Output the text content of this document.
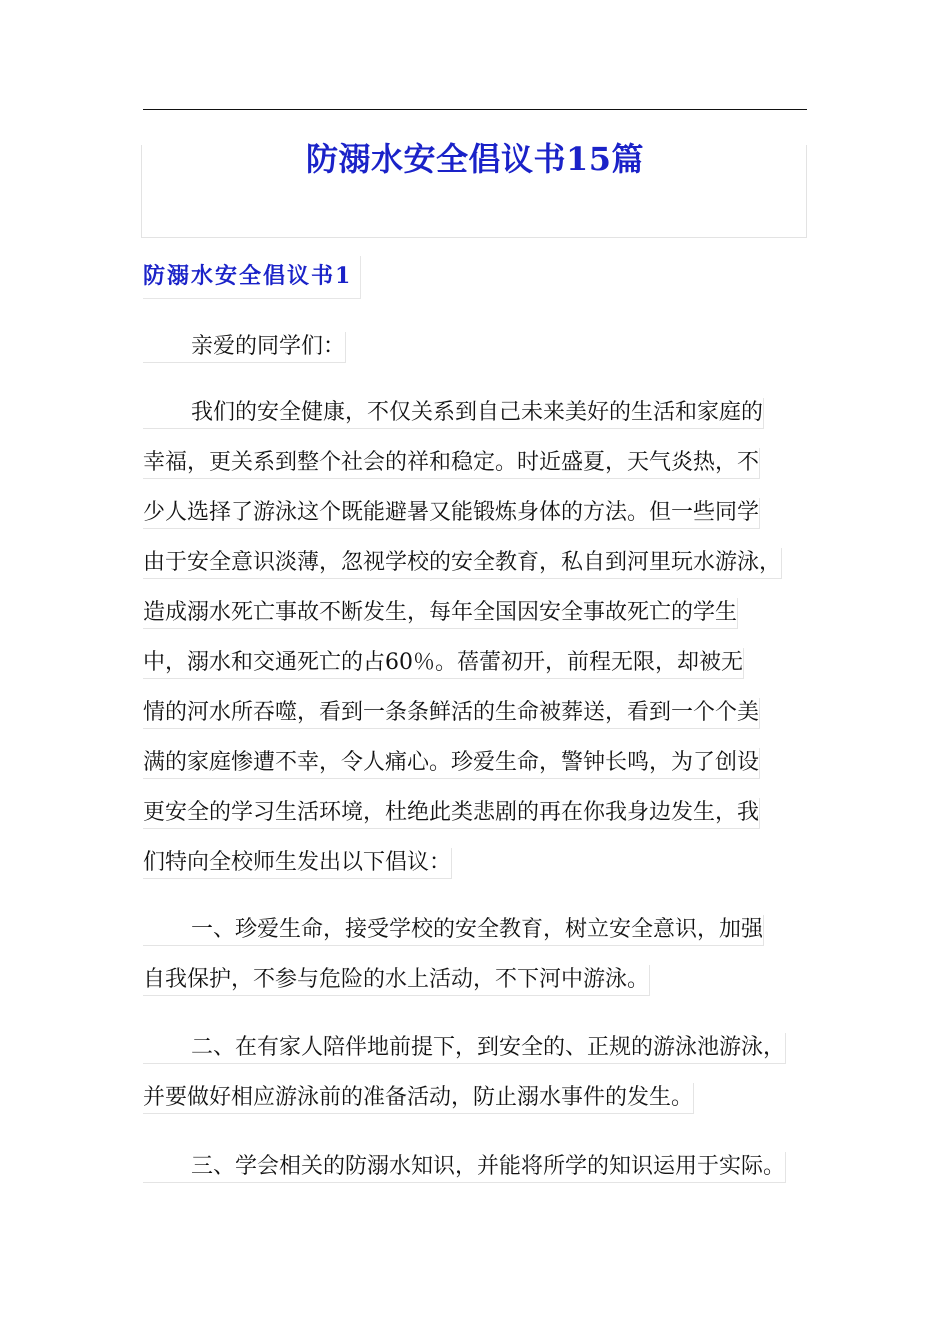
防溺水安全倡议书15篇
防溺水安全倡议书1
亲爱的同学们：
我们的安全健康，不仅关系到自己未来美好的生活和家庭的
幸福，更关系到整个社会的祥和稳定。时近盛夏，天气炎热，不
少人选择了游泳这个既能避暑又能锻炼身体的方法。但一些同学
由于安全意识淡薄，忽视学校的安全教育，私自到河里玩水游泳，
造成溺水死亡事故不断发生，每年全国因安全事故死亡的学生
中，溺水和交通死亡的占60％。蓓蕾初开，前程无限，却被无
情的河水所吞噬，看到一条条鲜活的生命被葬送，看到一个个美
满的家庭惨遭不幸，令人痛心。珍爱生命，警钟长鸣，为了创设
更安全的学习生活环境，杜绝此类悲剧的再在你我身边发生，我
们特向全校师生发出以下倡议：
一、珍爱生命，接受学校的安全教育，树立安全意识，加强
自我保护，不参与危险的水上活动，不下河中游泳。
二、在有家人陪伴地前提下，到安全的、正规的游泳池游泳，
并要做好相应游泳前的准备活动，防止溺水事件的发生。
三、学会相关的防溺水知识，并能将所学的知识运用于实际。
